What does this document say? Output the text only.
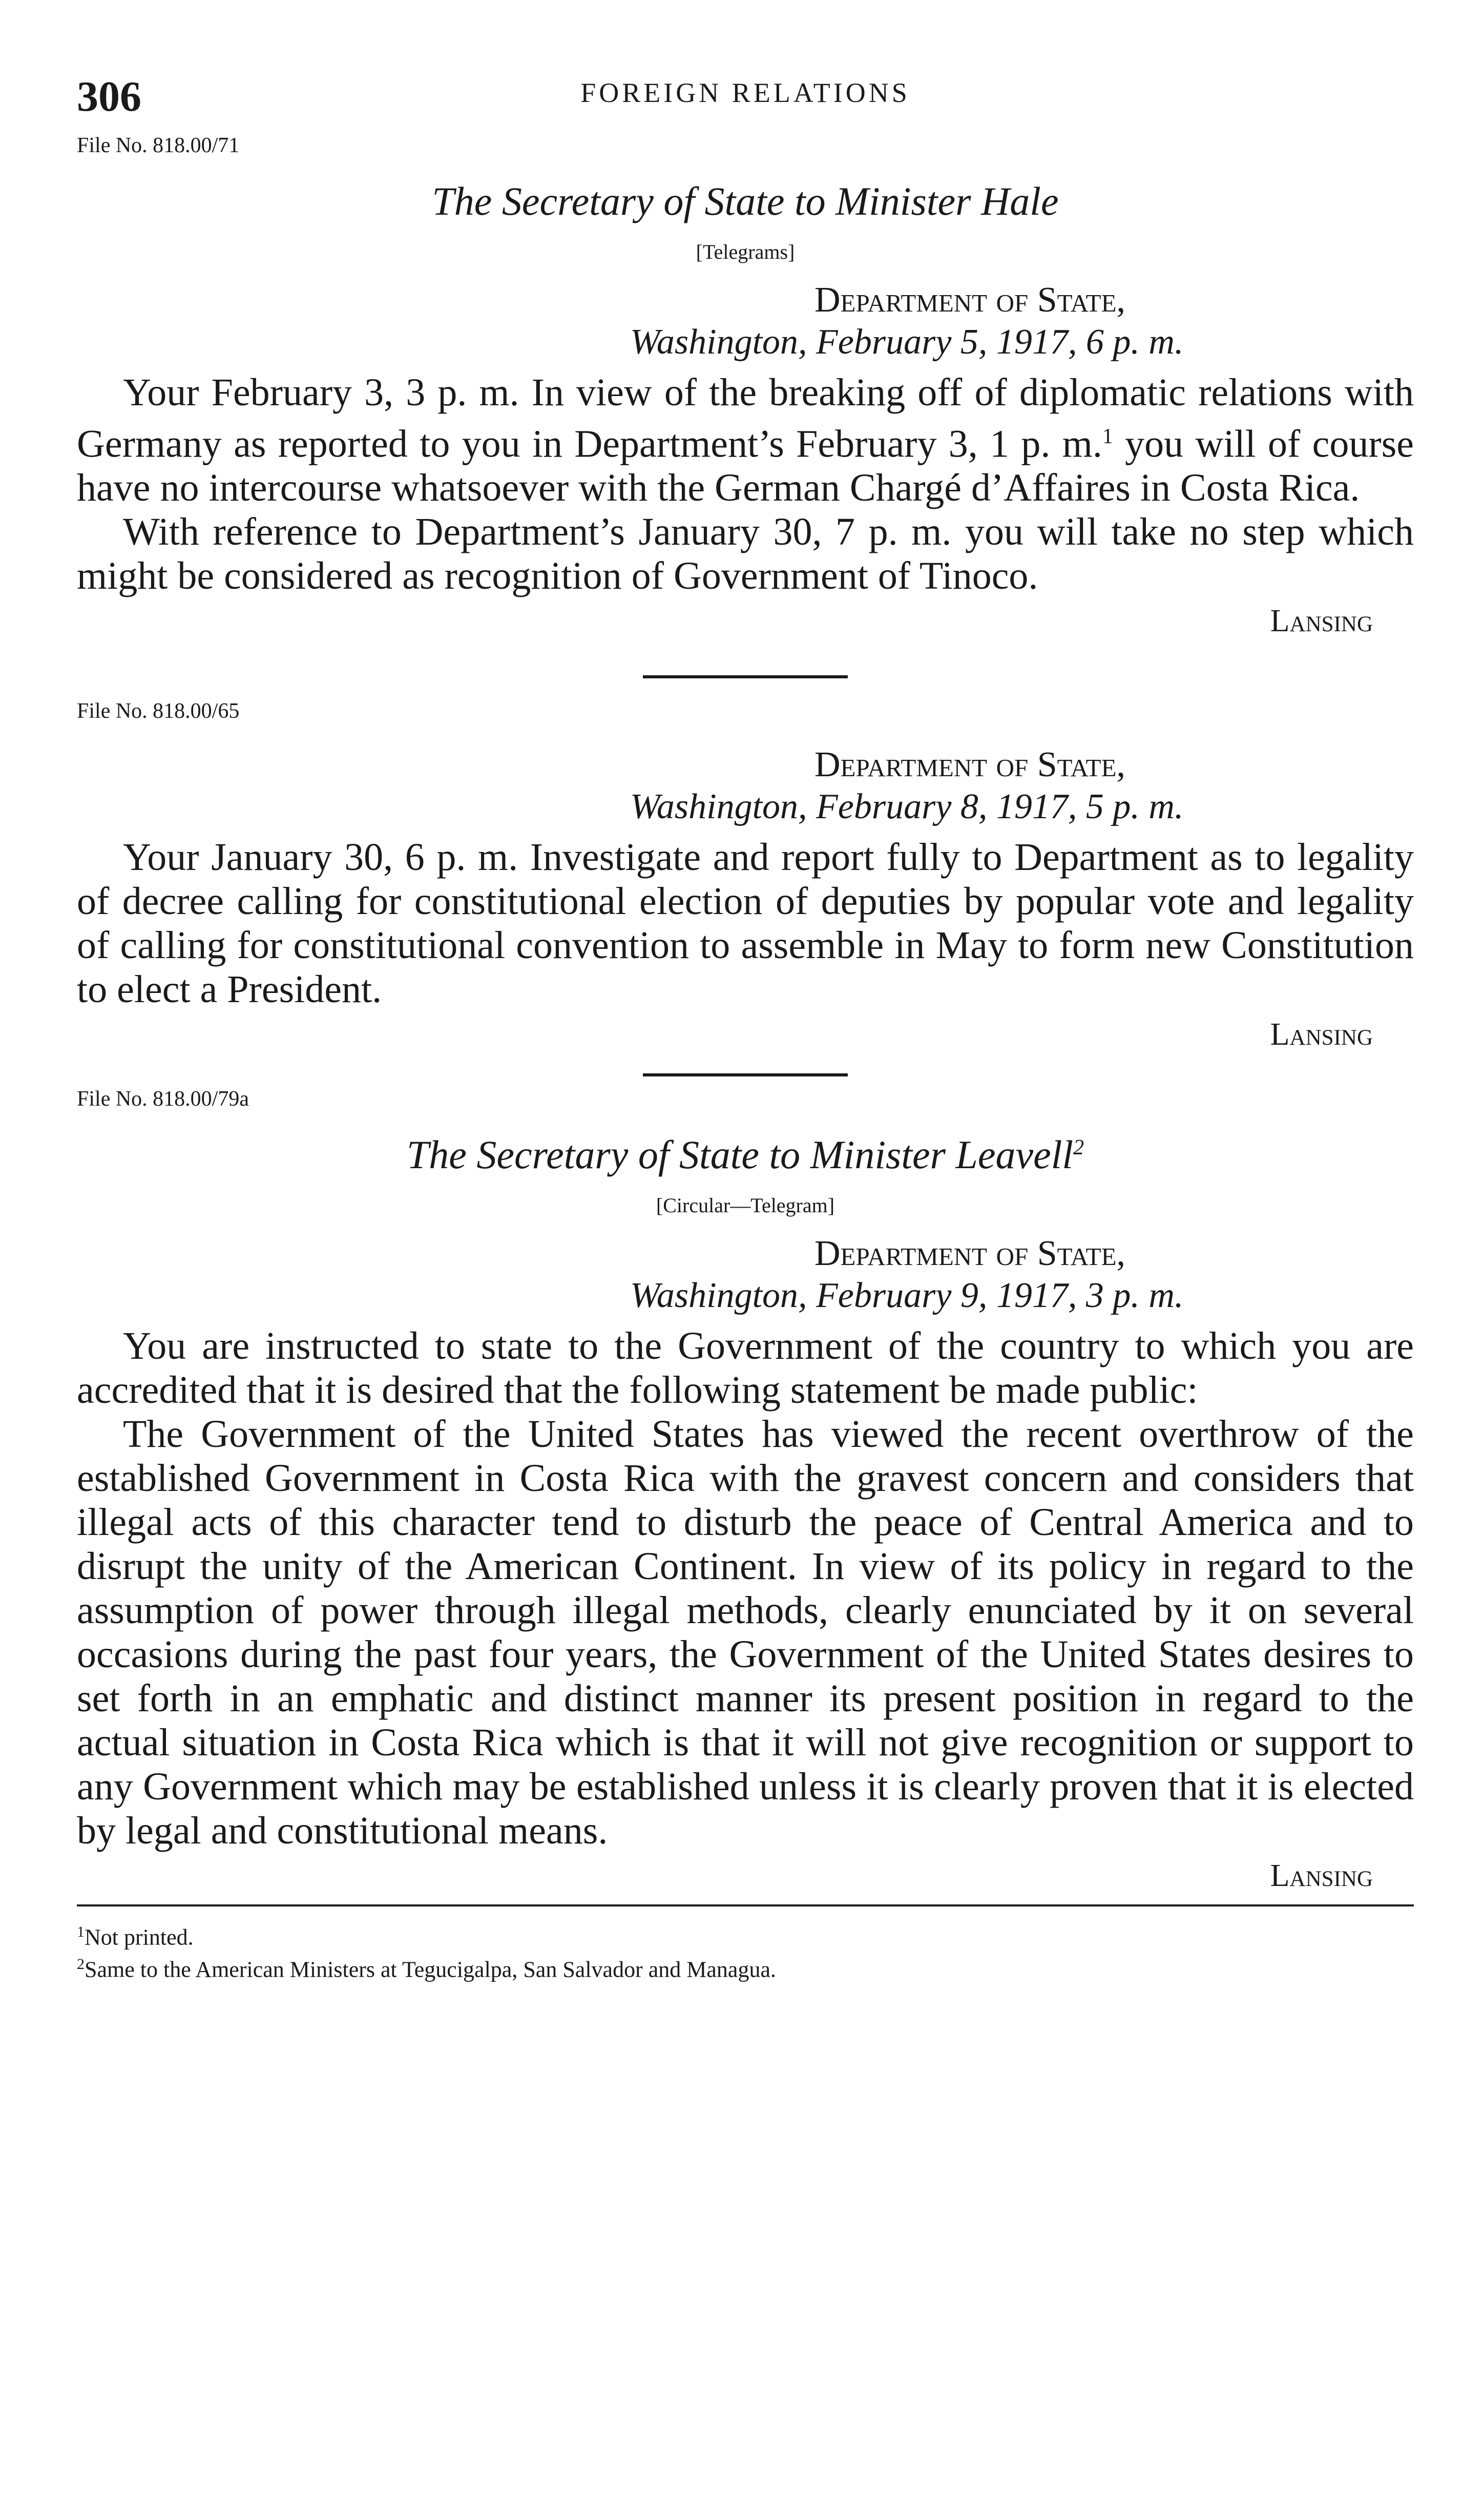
306	FOREIGN RELATIONS

File No. 818.00/71

The Secretary of State to Minister Hale

[Telegrams]

Department of State,
Washington, February 5, 1917, 6 p. m.

Your February 3, 3 p. m. In view of the breaking off of diplomatic relations with Germany as reported to you in Department’s February 3, 1 p. m.$^1$ you will of course have no intercourse whatsoever with the German Chargé d’Affaires in Costa Rica.

With reference to Department’s January 30, 7 p. m. you will take no step which might be considered as recognition of Government of Tinoco.

Lansing

File No. 818.00/65

Department of State,
Washington, February 8, 1917, 5 p. m.

Your January 30, 6 p. m. Investigate and report fully to Department as to legality of decree calling for constitutional election of deputies by popular vote and legality of calling for constitutional convention to assemble in May to form new Constitution to elect a President.

Lansing

File No. 818.00/79a

The Secretary of State to Minister Leavell$^2$

[Circular—Telegram]

Department of State,
Washington, February 9, 1917, 3 p. m.

You are instructed to state to the Government of the country to which you are accredited that it is desired that the following statement be made public:

The Government of the United States has viewed the recent overthrow of the established Government in Costa Rica with the gravest concern and considers that illegal acts of this character tend to disturb the peace of Central America and to disrupt the unity of the American Continent. In view of its policy in regard to the assumption of power through illegal methods, clearly enunciated by it on several occasions during the past four years, the Government of the United States desires to set forth in an emphatic and distinct manner its present position in regard to the actual situation in Costa Rica which is that it will not give recognition or support to any Government which may be established unless it is clearly proven that it is elected by legal and constitutional means.

Lansing

$^1$Not printed.

$^2$Same to the American Ministers at Tegucigalpa, San Salvador and Managua.
